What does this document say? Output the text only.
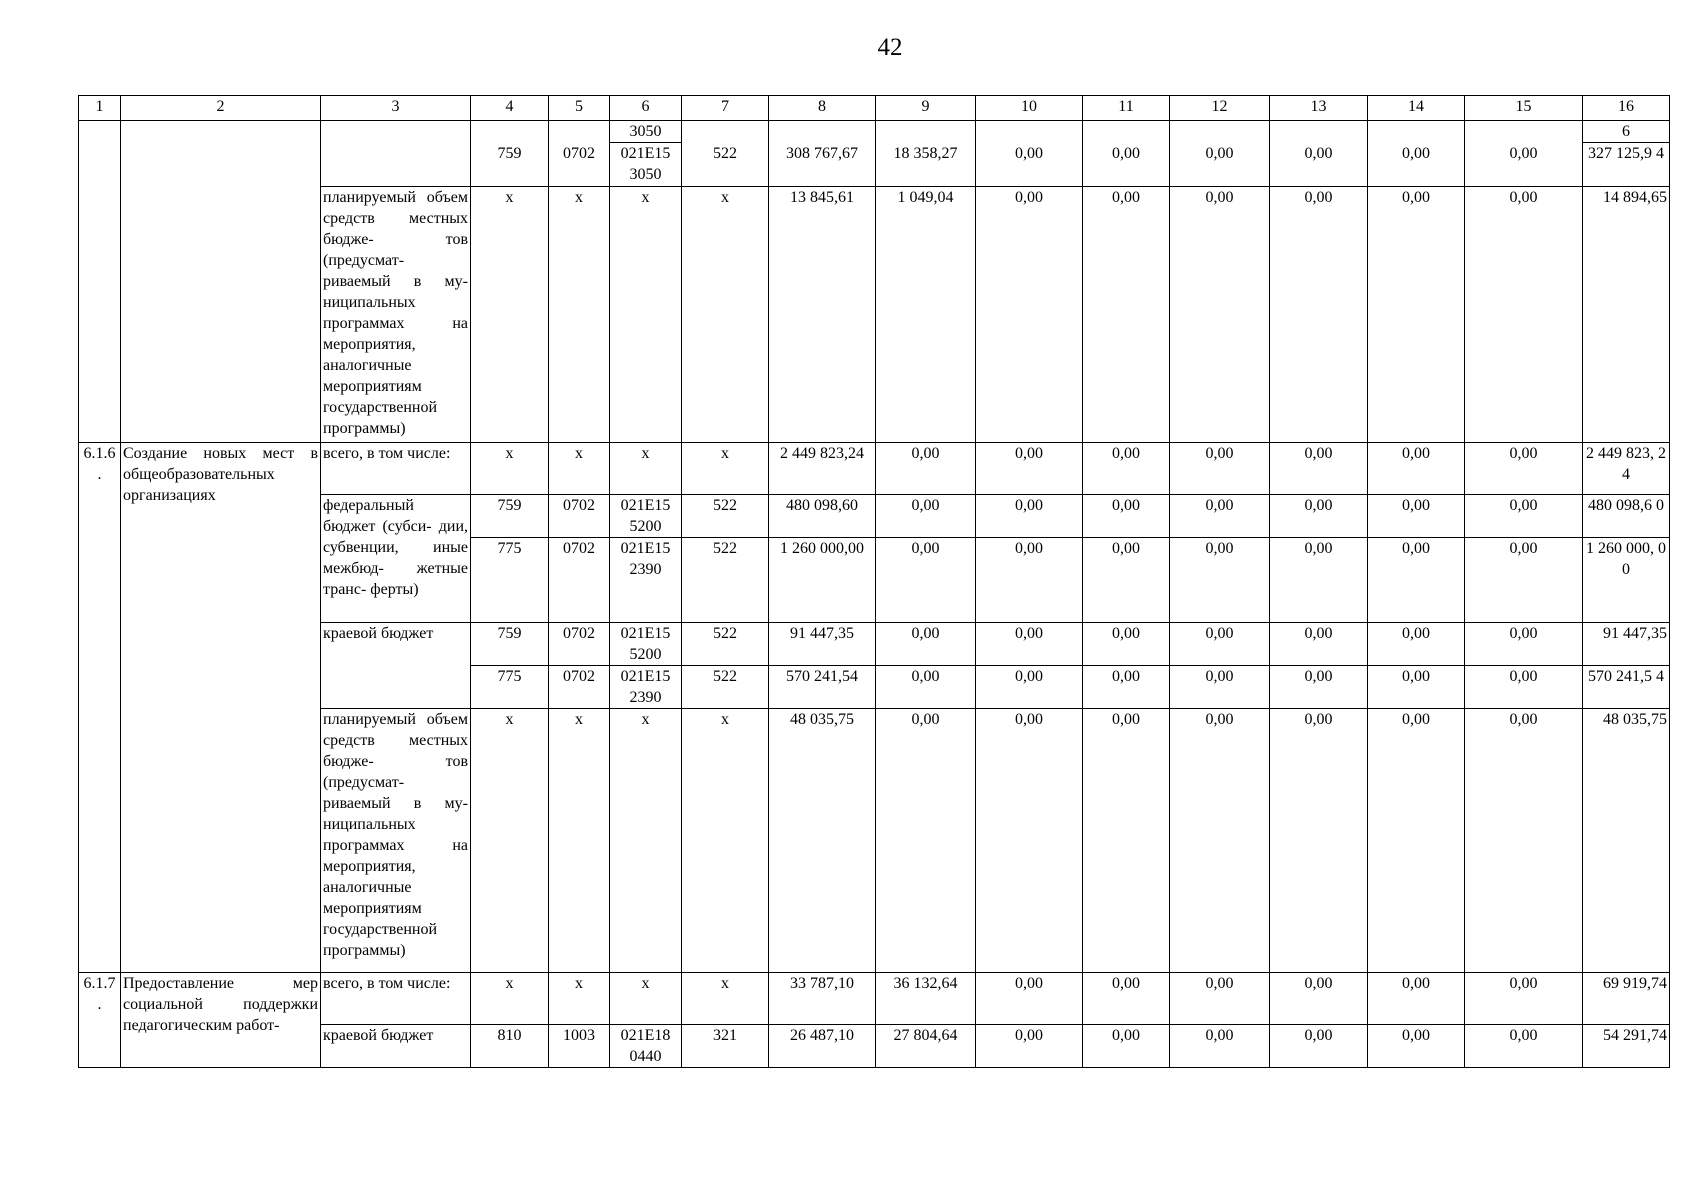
42
1	2	3	4	5	6	7	8	9	10	11	12	13	14	15	16
					3050										6
			759	0702	021E15 3050	522	308 767,67	18 358,27	0,00	0,00	0,00	0,00	0,00	0,00	327 125,9 4
		планируемый объем средств местных бюдже- тов (предусмат- риваемый в му- ниципальных программах на мероприятия, аналогичные мероприятиям государственной программы)	x	x	x	x	13 845,61	1 049,04	0,00	0,00	0,00	0,00	0,00	0,00	14 894,65
6.1.6 .	Создание новых мест в общеобразовательных организациях	всего, в том числе:	x	x	x	x	2 449 823,24	0,00	0,00	0,00	0,00	0,00	0,00	0,00	2 449 823, 24
		федеральный бюджет (субси- дии, субвенции, иные межбюд- жетные транс- ферты)	759	0702	021E15 5200	522	480 098,60	0,00	0,00	0,00	0,00	0,00	0,00	0,00	480 098,6 0
			775	0702	021E15 2390	522	1 260 000,00	0,00	0,00	0,00	0,00	0,00	0,00	0,00	1 260 000, 00
		краевой бюджет	759	0702	021E15 5200	522	91 447,35	0,00	0,00	0,00	0,00	0,00	0,00	0,00	91 447,35
			775	0702	021E15 2390	522	570 241,54	0,00	0,00	0,00	0,00	0,00	0,00	0,00	570 241,5 4
		планируемый объем средств местных бюдже- тов (предусмат- риваемый в му- ниципальных программах на мероприятия, аналогичные мероприятиям государственной программы)	x	x	x	x	48 035,75	0,00	0,00	0,00	0,00	0,00	0,00	0,00	48 035,75
6.1.7 .	Предоставление мер социальной поддержки педагогическим работ-	всего, в том числе:	x	x	x	x	33 787,10	36 132,64	0,00	0,00	0,00	0,00	0,00	0,00	69 919,74
		краевой бюджет	810	1003	021E18 0440	321	26 487,10	27 804,64	0,00	0,00	0,00	0,00	0,00	0,00	54 291,74
